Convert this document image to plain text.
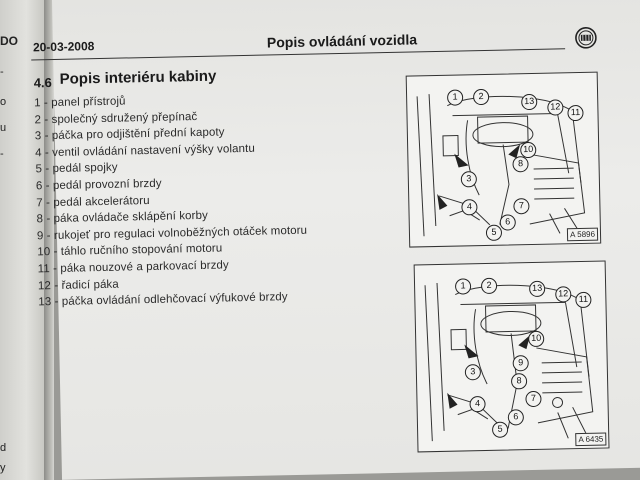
DO
-
o
u
-
d
y
20-03-2008	Popis ovládání vozidla
4.6 Popis interiéru kabiny
1 - panel přístrojů
2 - společný sdružený přepínač
3 - páčka pro odjištění přední kapoty
4 - ventil ovládání nastavení výšky volantu
5 - pedál spojky
6 - pedál provozní brzdy
7 - pedál akcelerátoru
8 - páka ovládače sklápění korby
9 - rukojeť pro regulaci volnoběžných otáček motoru
10 - táhlo ručního stopování motoru
11 - páka nouzové a parkovací brzdy
12 - řadicí páka
13 - páčka ovládání odlehčovací výfukové brzdy
1	2	13
12
11
10
3
8
4	7
6
5	A 5896
1	2	13
12
11
10
9
3
8
7
4
6
5
A 6435
